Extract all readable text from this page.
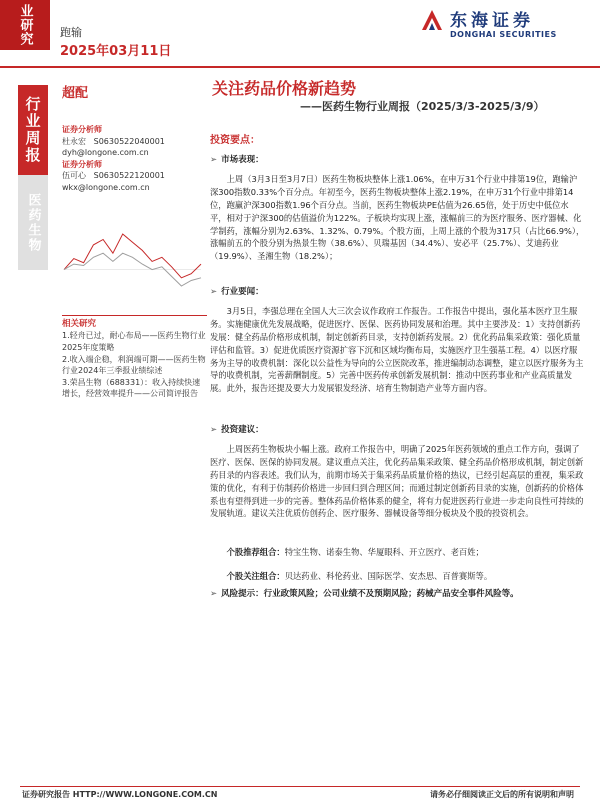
业研究
行业周报
医药生物
跑输
2025年03月11日
东海证券
DONGHAI SECURITIES
超配	关注药品价格新趋势
——医药生物行业周报（2025/3/3-2025/3/9）
证券分析师
杜永宏 S0630522040001
dyh@longone.com.cn
证券分析师
伍可心 S0630522120001
wkx@longone.com.cn
相关研究
1.轻舟已过，耐心布局——医药生物行业2025年度策略
2.收入端企稳，利润端可期——医药生物行业2024年三季报业绩综述
3.荣昌生物（688331）：收入持续快速增长，经营效率提升——公司简评报告
投资要点：
➢ 市场表现：
上周（3月3日至3月7日）医药生物板块整体上涨1.06%，在申万31个行业中排第19位，跑输沪深300指数0.33%个百分点。年初至今，医药生物板块整体上涨2.19%，在申万31个行业中排第14位，跑赢沪深300指数1.96个百分点。当前，医药生物板块PE估值为26.65倍，处于历史中低位水平，相对于沪深300的估值溢价为122%。子板块均实现上涨，涨幅前三的为医疗服务、医疗器械、化学制药，涨幅分别为2.63%、1.32%、0.79%。个股方面，上周上涨的个股为317只（占比66.9%），涨幅前五的个股分别为热景生物（38.6%）、贝瑞基因（34.4%）、安必平（25.7%）、艾迪药业（19.9%）、圣湘生物（18.2%）；
➢ 行业要闻：
3月5日，李强总理在全国人大三次会议作政府工作报告。工作报告中提出，强化基本医疗卫生服务。实施健康优先发展战略，促进医疗、医保、医药协同发展和治理。其中主要涉及：1）支持创新药发展：健全药品价格形成机制，制定创新药目录，支持创新药发展。2）优化药品集采政策：强化质量评估和监管。3）促进优质医疗资源扩容下沉和区域均衡布局，实施医疗卫生强基工程。4）以医疗服务为主导的收费机制：深化以公益性为导向的公立医院改革，推进编制动态调整，建立以医疗服务为主导的收费机制，完善薪酬制度。5）完善中医药传承创新发展机制：推动中医药事业和产业高质量发展。此外，报告还提及要大力发展银发经济、培育生物制造产业等方面内容。
➢ 投资建议：
上周医药生物板块小幅上涨。政府工作报告中，明确了2025年医药领域的重点工作方向，强调了医疗、医保、医保的协同发展。建议重点关注，优化药品集采政策、健全药品价格形成机制，制定创新药目录的内容表述。我们认为，前期市场关于集采药品质量价格的热议，已经引起高层的重视，集采政策的优化，有利于仿制药价格进一步回归到合理区间；而通过制定创新药目录的实施，创新药的价格体系也有望得到进一步的完善。整体药品价格体系的健全，将有力促进医药行业进一步走向良性可持续的发展轨道。建议关注优质仿创药企、医疗服务、器械设备等细分板块及个股的投资机会。
个股推荐组合：特宝生物、诺泰生物、华厦眼科、开立医疗、老百姓；
个股关注组合：贝达药业、科伦药业、国际医学、安杰思、百普赛斯等。
➢ 风险提示：行业政策风险；公司业绩不及预期风险；药械产品安全事件风险等。
证券研究报告 HTTP://WWW.LONGONE.COM.CN	请务必仔细阅读正文后的所有说明和声明
